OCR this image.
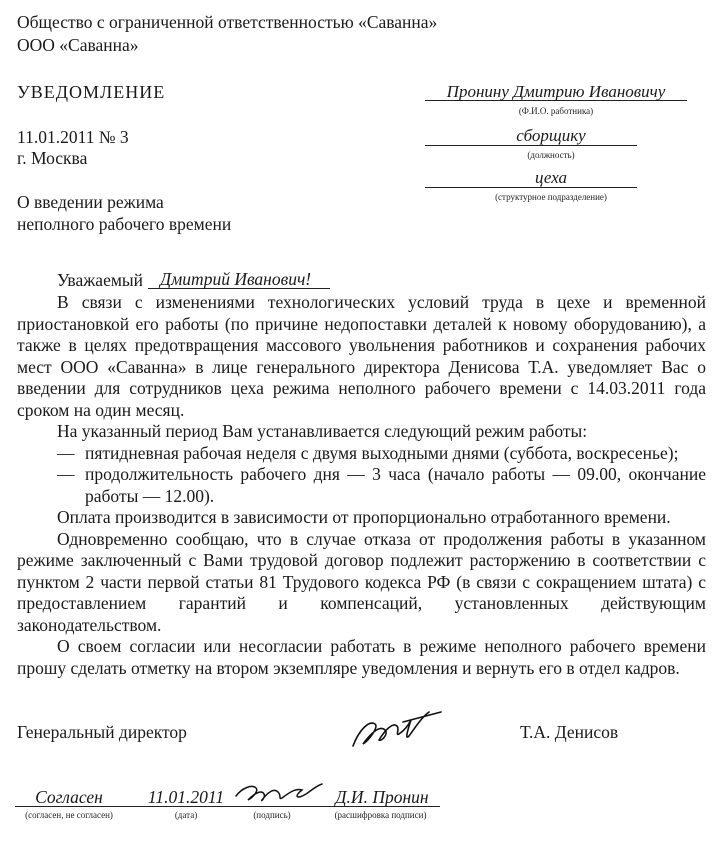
Общество с ограниченной ответственностью «Саванна»
ООО «Саванна»
УВЕДОМЛЕНИЕ	Пронину Дмитрию Ивановичу
(Ф.И.О. работника)
сборщику
(должность)
цеха
(структурное подразделение)
11.01.2011 № 3
г. Москва
О введении режима
неполного рабочего времени
Уважаемый Дмитрий Иванович!

В связи с изменениями технологических условий труда в цехе и временной приостановкой его работы (по причине недопоставки деталей к новому оборудованию), а также в целях предотвращения массового увольнения работников и сохранения рабочих мест ООО «Саванна» в лице генерального директора Денисова Т.А. уведомляет Вас о введении для сотрудников цеха режима неполного рабочего времени с 14.03.2011 года сроком на один месяц.

На указанный период Вам устанавливается следующий режим работы:

— пятидневная рабочая неделя с двумя выходными днями (суббота, воскресенье);

— продолжительность рабочего дня — 3 часа (начало работы — 09.00, окончание работы — 12.00).

Оплата производится в зависимости от пропорционально отработанного времени.

Одновременно сообщаю, что в случае отказа от продолжения работы в указанном режиме заключенный с Вами трудовой договор подлежит расторжению в соответствии с пунктом 2 части первой статьи 81 Трудового кодекса РФ (в связи с сокращением штата) с предоставлением гарантий и компенсаций, установленных действующим законодательством.

О своем согласии или несогласии работать в режиме неполного рабочего времени прошу сделать отметку на втором экземпляре уведомления и вернуть его в отдел кадров.

Генеральный директор	Т.А. Денисов
Согласен
(согласен, не согласен)
11.01.2011
(дата)	(подпись)
Д.И. Пронин
(расшифровка подписи)
